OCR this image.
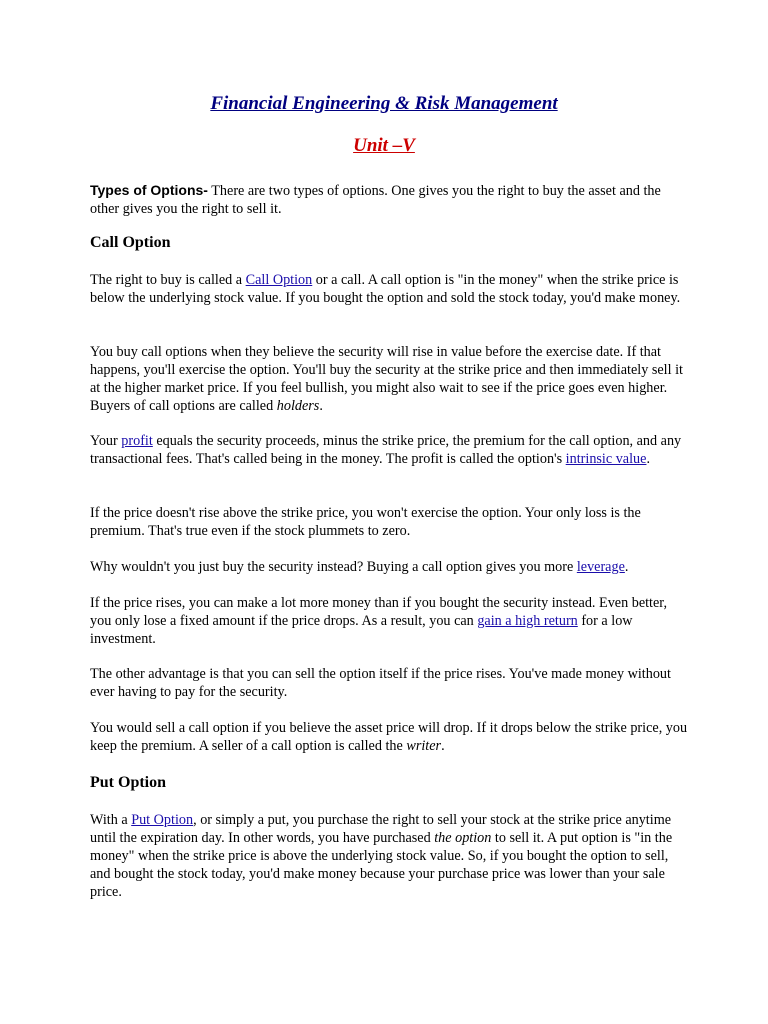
Financial Engineering & Risk Management
Unit –V

Types of Options- There are two types of options. One gives you the right to buy the asset and the other gives you the right to sell it.

Call Option

The right to buy is called a Call Option or a call. A call option is "in the money" when the strike price is below the underlying stock value. If you bought the option and sold the stock today, you'd make money.

You buy call options when they believe the security will rise in value before the exercise date. If that happens, you'll exercise the option. You'll buy the security at the strike price and then immediately sell it at the higher market price. If you feel bullish, you might also wait to see if the price goes even higher. Buyers of call options are called holders.

Your profit equals the security proceeds, minus the strike price, the premium for the call option, and any transactional fees. That's called being in the money. The profit is called the option's intrinsic value.

If the price doesn't rise above the strike price, you won't exercise the option. Your only loss is the premium. That's true even if the stock plummets to zero.

Why wouldn't you just buy the security instead? Buying a call option gives you more leverage.

If the price rises, you can make a lot more money than if you bought the security instead. Even better, you only lose a fixed amount if the price drops. As a result, you can gain a high return for a low investment.

The other advantage is that you can sell the option itself if the price rises. You've made money without ever having to pay for the security.

You would sell a call option if you believe the asset price will drop. If it drops below the strike price, you keep the premium. A seller of a call option is called the writer.

Put Option

With a Put Option, or simply a put, you purchase the right to sell your stock at the strike price anytime until the expiration day. In other words, you have purchased the option to sell it. A put option is "in the money" when the strike price is above the underlying stock value. So, if you bought the option to sell, and bought the stock today, you'd make money because your purchase price was lower than your sale price.
